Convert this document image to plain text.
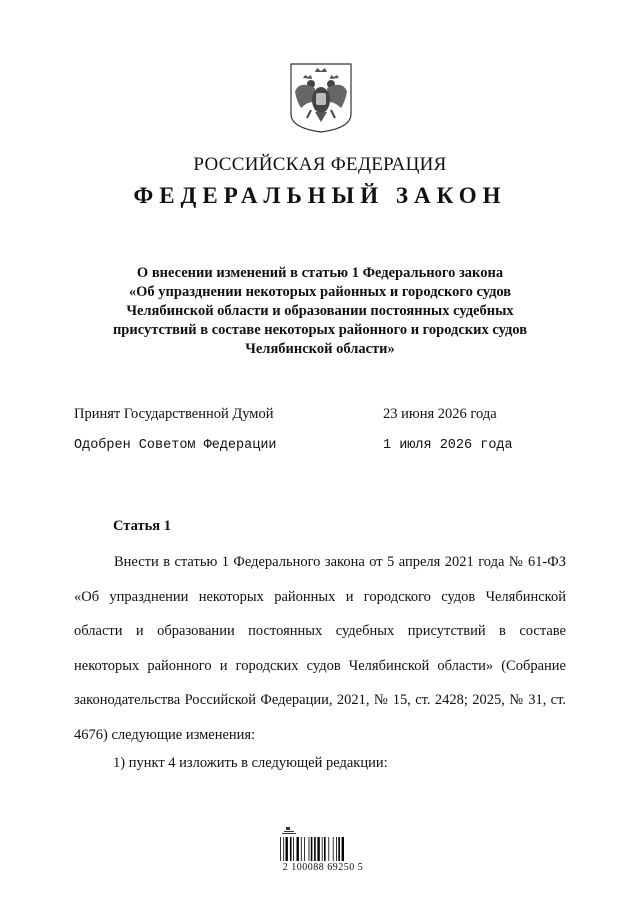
РОССИЙСКАЯ ФЕДЕРАЦИЯ
ФЕДЕРАЛЬНЫЙ ЗАКОН
О внесении изменений в статью 1 Федерального закона
«Об упразднении некоторых районных и городского судов
Челябинской области и образовании постоянных судебных
присутствий в составе некоторых районного и городских судов
Челябинской области»
Принят Государственной Думой	23 июня 2026 года
Одобрен Советом Федерации	1 июля 2026 года
Статья 1
Внести в статью 1 Федерального закона от 5 апреля 2021 года № 61-ФЗ «Об упразднении некоторых районных и городского судов Челябинской области и образовании постоянных судебных присутствий в составе некоторых районного и городских судов Челябинской области» (Собрание законодательства Российской Федерации, 2021, № 15, ст. 2428; 2025, № 31, ст. 4676) следующие изменения:
1) пункт 4 изложить в следующей редакции:
2 100088 69250 5
